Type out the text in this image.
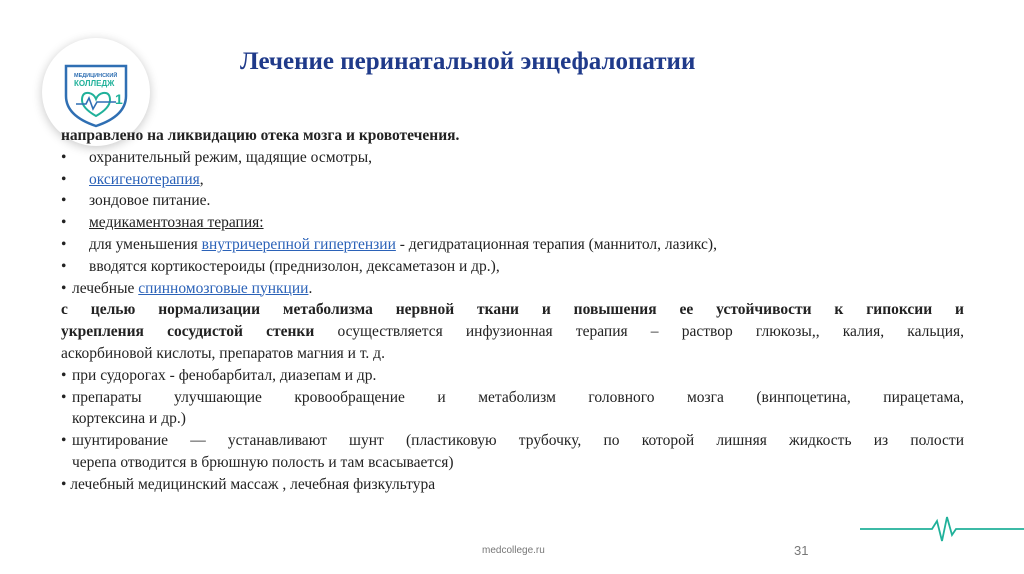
МЕДИЦИНСКИЙ
КОЛЛЕДЖ
1
Лечение перинатальной энцефалопатии
направлено на ликвидацию отека мозга и кровотечения.
• охранительный режим, щадящие осмотры,
• оксигенотерапия,
• зондовое питание.
• медикаментозная терапия:
• для уменьшения внутричерепной гипертензии - дегидратационная терапия (маннитол, лазикс),
• вводятся кортикостероиды (преднизолон, дексаметазон и др.),
• лечебные спинномозговые пункции.
с целью нормализации метаболизма нервной ткани и повышения ее устойчивости к гипоксии и
укрепления сосудистой стенки осуществляется инфузионная терапия – раствор глюкозы,, калия, кальция,
аскорбиновой кислоты, препаратов магния и т. д.
• при судорогах - фенобарбитал, диазепам и др.
• препараты улучшающие кровообращение и метаболизм головного мозга (винпоцетина, пирацетама,
кортексина и др.)
• шунтирование — устанавливают шунт (пластиковую трубочку, по которой лишняя жидкость из полости
черепа отводится в брюшную полость и там всасывается)
• лечебный медицинский массаж , лечебная физкультура
medcollege.ru	31
